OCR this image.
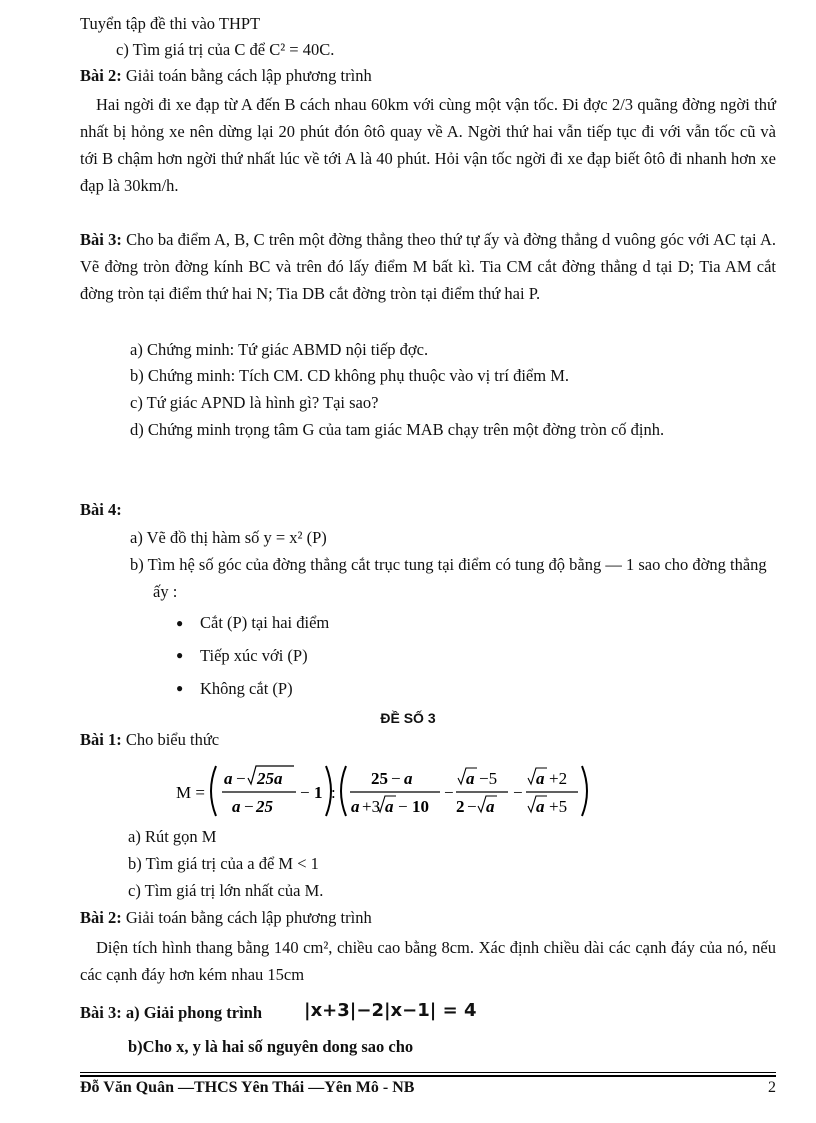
Tuyển tập đề thi vào THPT
c) Tìm giá trị của C để C² = 40C.
Bài 2: Giải toán bằng cách lập phương trình
Hai ngời đi xe đạp từ A đến B cách nhau 60km với cùng một vận tốc. Đi đợc 2/3 quãng đờng ngời thứ nhất bị hỏng xe nên dừng lại 20 phút đón ôtô quay về A. Ngời thứ hai vẫn tiếp tục đi với vẫn tốc cũ và tới B chậm hơn ngời thứ nhất lúc về tới A là 40 phút. Hỏi vận tốc ngời đi xe đạp biết ôtô đi nhanh hơn xe đạp là 30km/h.
Bài 3: Cho ba điểm A, B, C trên một đờng thẳng theo thứ tự ấy và đờng thẳng d vuông góc với AC tại A. Vẽ đờng tròn đờng kính BC và trên đó lấy điểm M bất kì. Tia CM cắt đờng thẳng d tại D; Tia AM cắt đờng tròn tại điểm thứ hai N; Tia DB cắt đờng tròn tại điểm thứ hai P.
a) Chứng minh: Tứ giác ABMD nội tiếp đợc.
b) Chứng minh: Tích CM. CD không phụ thuộc vào vị trí điểm M.
c) Tứ giác APND là hình gì? Tại sao?
d) Chứng minh trọng tâm G của tam giác MAB chạy trên một đờng tròn cố định.
Bài 4:
a) Vẽ đồ thị hàm số y = x² (P)
b) Tìm hệ số góc của đờng thẳng cắt trục tung tại điểm có tung độ bằng — 1 sao cho đờng thẳng ấy :
● Cắt (P) tại hai điểm
● Tiếp xúc với (P)
● Không cắt (P)
ĐỀ SỐ 3
Bài 1: Cho biểu thức
M =
a − 25a
a − 25
− 1 :
25 − a
a +3 a − 10
−
a −5
2 − a
−
a +2
a +5
a) Rút gọn M
b) Tìm giá trị của a để M < 1
c) Tìm giá trị lớn nhất của M.
Bài 2: Giải toán bằng cách lập phương trình
Diện tích hình thang bằng 140 cm², chiều cao bằng 8cm. Xác định chiều dài các cạnh đáy của nó, nếu các cạnh đáy hơn kém nhau 15cm
Bài 3: a) Giải phong trình |x+3|−2|x−1| = 4
b)Cho x, y là hai số nguyên dong sao cho
Đỗ Văn Quân —THCS Yên Thái —Yên Mô - NB	2
